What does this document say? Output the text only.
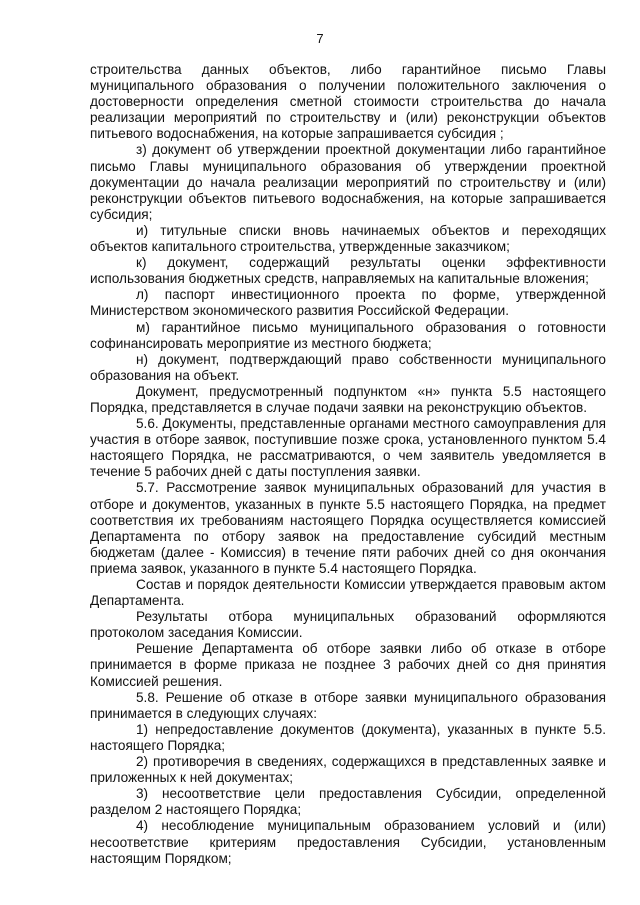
7

строительства данных объектов, либо гарантийное письмо Главы муниципального образования о получении положительного заключения о достоверности определения сметной стоимости строительства до начала реализации мероприятий по строительству и (или) реконструкции объектов питьевого водоснабжения, на которые запрашивается субсидия ;

з) документ об утверждении проектной документации либо гарантийное письмо Главы муниципального образования об утверждении проектной документации до начала реализации мероприятий по строительству и (или) реконструкции объектов питьевого водоснабжения, на которые запрашивается субсидия;

и) титульные списки вновь начинаемых объектов и переходящих объектов капитального строительства, утвержденные заказчиком;

к) документ, содержащий результаты оценки эффективности использования бюджетных средств, направляемых на капитальные вложения;

л) паспорт инвестиционного проекта по форме, утвержденной Министерством экономического развития Российской Федерации.

м) гарантийное письмо муниципального образования о готовности софинансировать мероприятие из местного бюджета;

н) документ, подтверждающий право собственности муниципального образования на объект.

Документ, предусмотренный подпунктом «н» пункта 5.5 настоящего Порядка, представляется в случае подачи заявки на реконструкцию объектов.

5.6. Документы, представленные органами местного самоуправления для участия в отборе заявок, поступившие позже срока, установленного пунктом 5.4 настоящего Порядка, не рассматриваются, о чем заявитель уведомляется в течение 5 рабочих дней с даты поступления заявки.

5.7. Рассмотрение заявок муниципальных образований для участия в отборе и документов, указанных в пункте 5.5 настоящего Порядка, на предмет соответствия их требованиям настоящего Порядка осуществляется комиссией Департамента по отбору заявок на предоставление субсидий местным бюджетам (далее - Комиссия) в течение пяти рабочих дней со дня окончания приема заявок, указанного в пункте 5.4 настоящего Порядка.

Состав и порядок деятельности Комиссии утверждается правовым актом Департамента.

Результаты отбора муниципальных образований оформляются протоколом заседания Комиссии.

Решение Департамента об отборе заявки либо об отказе в отборе принимается в форме приказа не позднее 3 рабочих дней со дня принятия Комиссией решения.

5.8. Решение об отказе в отборе заявки муниципального образования принимается в следующих случаях:

1) непредоставление документов (документа), указанных в пункте 5.5. настоящего Порядка;

2) противоречия в сведениях, содержащихся в представленных заявке и приложенных к ней документах;

3) несоответствие цели предоставления Субсидии, определенной разделом 2 настоящего Порядка;

4) несоблюдение муниципальным образованием условий и (или) несоответствие критериям предоставления Субсидии, установленным настоящим Порядком;
